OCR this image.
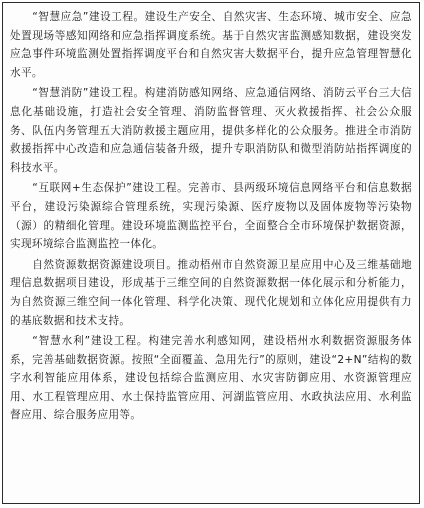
“智慧应急”建设工程。建设生产安全、自然灾害、生态环境、城市安全、应急处置现场等感知网络和应急指挥调度系统。基于自然灾害监测感知数据，建设突发应急事件环境监测处置指挥调度平台和自然灾害大数据平台，提升应急管理智慧化水平。

“智慧消防”建设工程。构建消防感知网络、应急通信网络、消防云平台三大信息化基础设施，打造社会安全管理、消防监督管理、灭火救援指挥、社会公众服务、队伍内务管理五大消防救援主题应用，提供多样化的公众服务。推进全市消防救援指挥中心改造和应急通信装备升级，提升专职消防队和微型消防站指挥调度的科技水平。

“互联网+生态保护”建设工程。完善市、县两级环境信息网络平台和信息数据平台，建设污染源综合管理系统，实现污染源、医疗废物以及固体废物等污染物（源）的精细化管理。建设环境监测监控平台，全面整合全市环境保护数据资源，实现环境综合监测监控一体化。

自然资源数据资源建设项目。推动梧州市自然资源卫星应用中心及三维基础地理信息数据项目建设，形成基于三维空间的自然资源数据一体化展示和分析能力，为自然资源三维空间一体化管理、科学化决策、现代化规划和立体化应用提供有力的基底数据和技术支持。

“智慧水利”建设工程。构建完善水利感知网，建设梧州水利数据资源服务体系，完善基础数据资源。按照“全面覆盖、急用先行”的原则，建设“2+N”结构的数字水利智能应用体系，建设包括综合监测应用、水灾害防御应用、水资源管理应用、水工程管理应用、水土保持监管应用、河湖监管应用、水政执法应用、水利监督应用、综合服务应用等。
